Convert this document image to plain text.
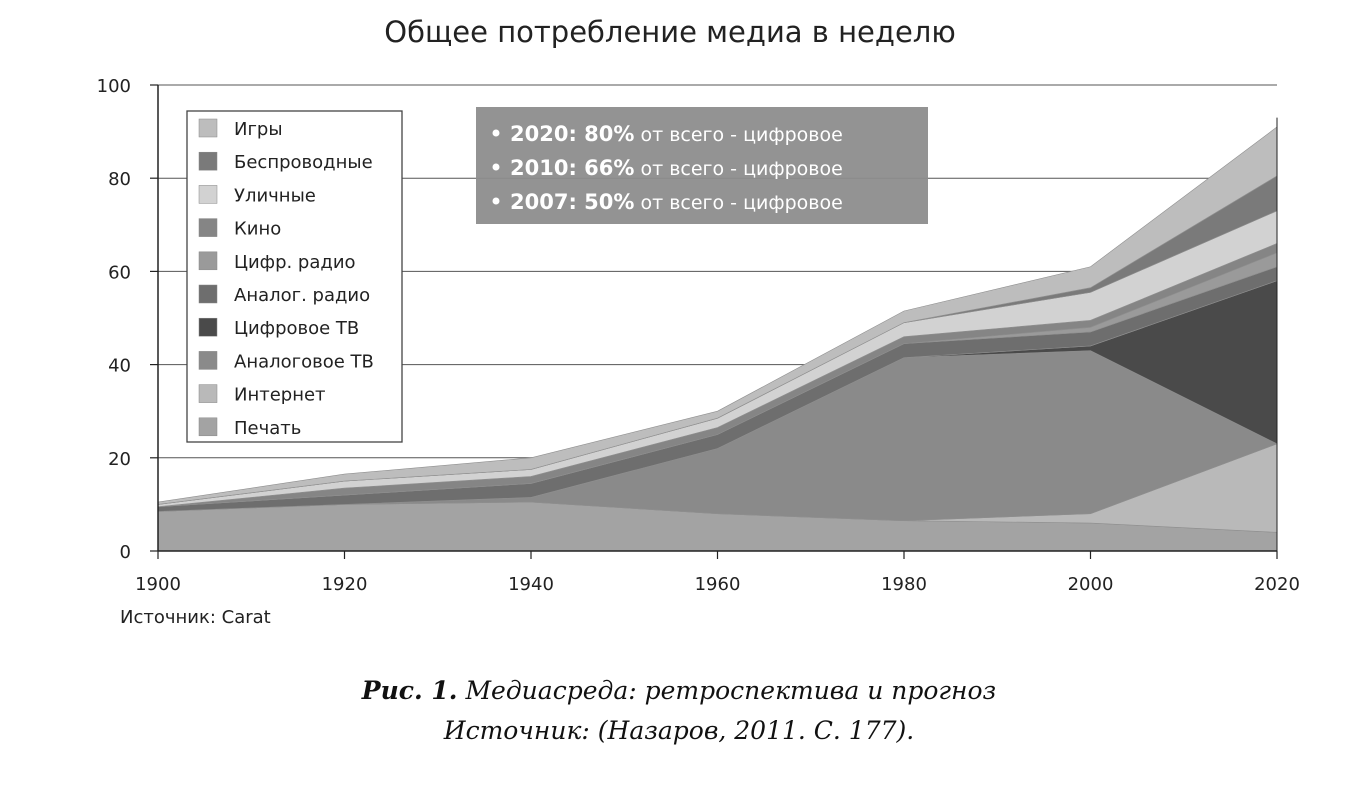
Общее потребление медиа в неделю
0
20
40
60
80
100
1900	1920	1940	1960	1980	2000	2020
Игры
Беспроводные
Уличные
Кино
Цифр. радио
Аналог. радио
Цифровое ТВ
Аналоговое ТВ
Интернет
Печать
2020: 80% от всего - цифровое
2010: 66% от всего - цифровое
2007: 50% от всего - цифровое
Источник: Carat
Рис. 1. Медиасреда: ретроспектива и прогноз
Источник: (Назаров, 2011. С. 177).
